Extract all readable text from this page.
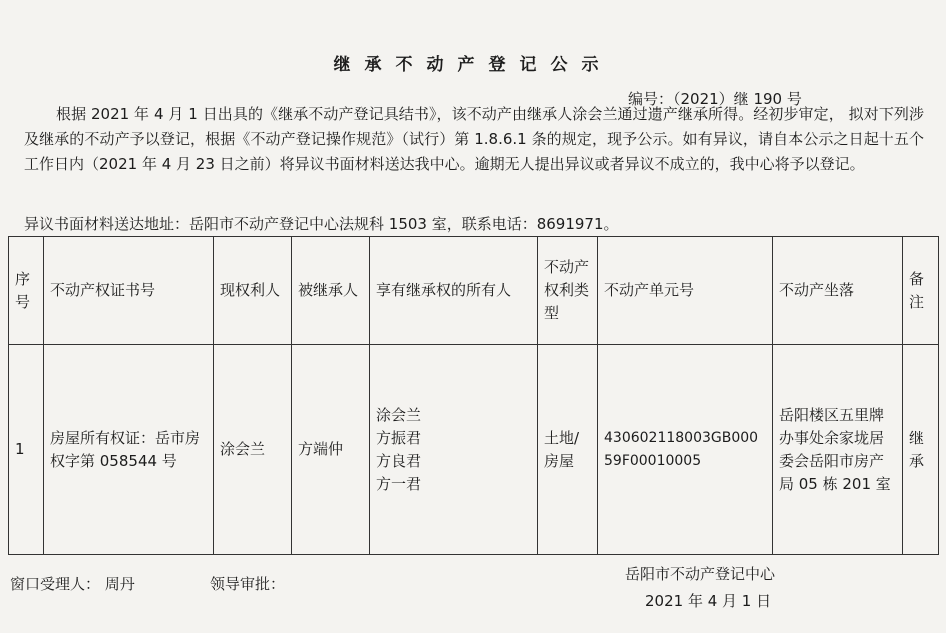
继承不动产登记公示
编号：（2021）继 190 号

根据 2021 年 4 月 1 日出具的《继承不动产登记具结书》，该不动产由继承人涂会兰通过遗产继承所得。经初步审定， 拟对下列涉及继承的不动产予以登记，根据《不动产登记操作规范》（试行）第 1.8.6.1 条的规定，现予公示。如有异议，请自本公示之日起十五个工作日内（2021 年 4 月 23 日之前）将异议书面材料送达我中心。逾期无人提出异议或者异议不成立的，我中心将予以登记。

异议书面材料送达地址：岳阳市不动产登记中心法规科 1503 室，联系电话：8691971。
序号	不动产权证书号	现权利人	被继承人	享有继承权的所有人	不动产权利类型	不动产单元号	不动产坐落	备注
1	房屋所有权证：岳市房权字第 058544 号	涂会兰	方端仲	涂会兰
方振君
方良君
方一君	土地/房屋	430602118003GB00059F00010005	岳阳楼区五里牌办事处余家垅居委会岳阳市房产局 05 栋 201 室	继承
窗口受理人： 周丹	领导审批：
岳阳市不动产登记中心
2021 年 4 月 1 日
